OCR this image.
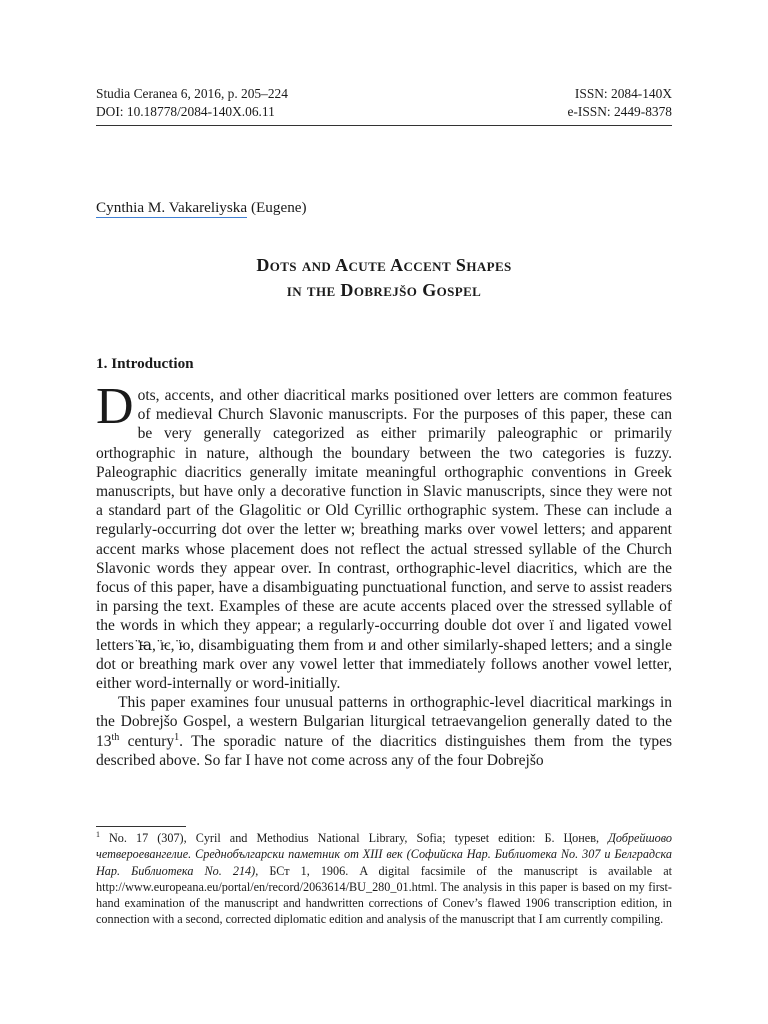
Studia Ceranea 6, 2016, p. 205–224	ISSN: 2084-140X
DOI: 10.18778/2084-140X.06.11	e-ISSN: 2449-8378
Cynthia M. Vakareliyska (Eugene)
Dots and Acute Accent Shapes
in the Dobrejšo Gospel
1. Introduction

Dots, accents, and other diacritical marks positioned over letters are common features of medieval Church Slavonic manuscripts. For the purposes of this paper, these can be very generally categorized as either primarily paleographic or primarily orthographic in nature, although the boundary between the two categories is fuzzy. Paleographic diacritics generally imitate meaningful orthographic conventions in Greek manuscripts, but have only a decorative function in Slavic manuscripts, since they were not a standard part of the Glagolitic or Old Cyrillic orthographic system. These can include a regularly-occurring dot over the letter ѡ; breathing marks over vowel letters; and apparent accent marks whose placement does not reflect the actual stressed syllable of the Church Slavonic words they appear over. In contrast, orthographic-level diacritics, which are the focus of this paper, have a disambiguating punctuational function, and serve to assist readers in parsing the text. Examples of these are acute accents placed over the stressed syllable of the words in which they appear; a regularly-occurring double dot over ї and ligated vowel letters ̈ꙗ, ̈ѥ, ̈ю, disambiguating them from и and other similarly-shaped letters; and a single dot or breathing mark over any vowel letter that immediately follows another vowel letter, either word-internally or word-initially.

This paper examines four unusual patterns in orthographic-level diacritical markings in the Dobrejšo Gospel, a western Bulgarian liturgical tetraevangelion generally dated to the 13th century$^1$. The sporadic nature of the diacritics distinguishes them from the types described above. So far I have not come across any of the four Dobrejšo

$^1$ No. 17 (307), Cyril and Methodius National Library, Sofia; typeset edition: Б. Цонев, Добрейшово четвероевангелие. Среднобългарски паметник от XIII век (Софийска Нар. Библиотека No. 307 и Белградска Нар. Библиотека No. 214), БСт 1, 1906. A digital facsimile of the manuscript is available at http://www.europeana.eu/portal/en/record/2063614/BU_280_01.html. The analysis in this paper is based on my first-hand examination of the manuscript and handwritten corrections of Conev’s flawed 1906 transcription edition, in connection with a second, corrected diplomatic edition and analysis of the manuscript that I am currently compiling.
